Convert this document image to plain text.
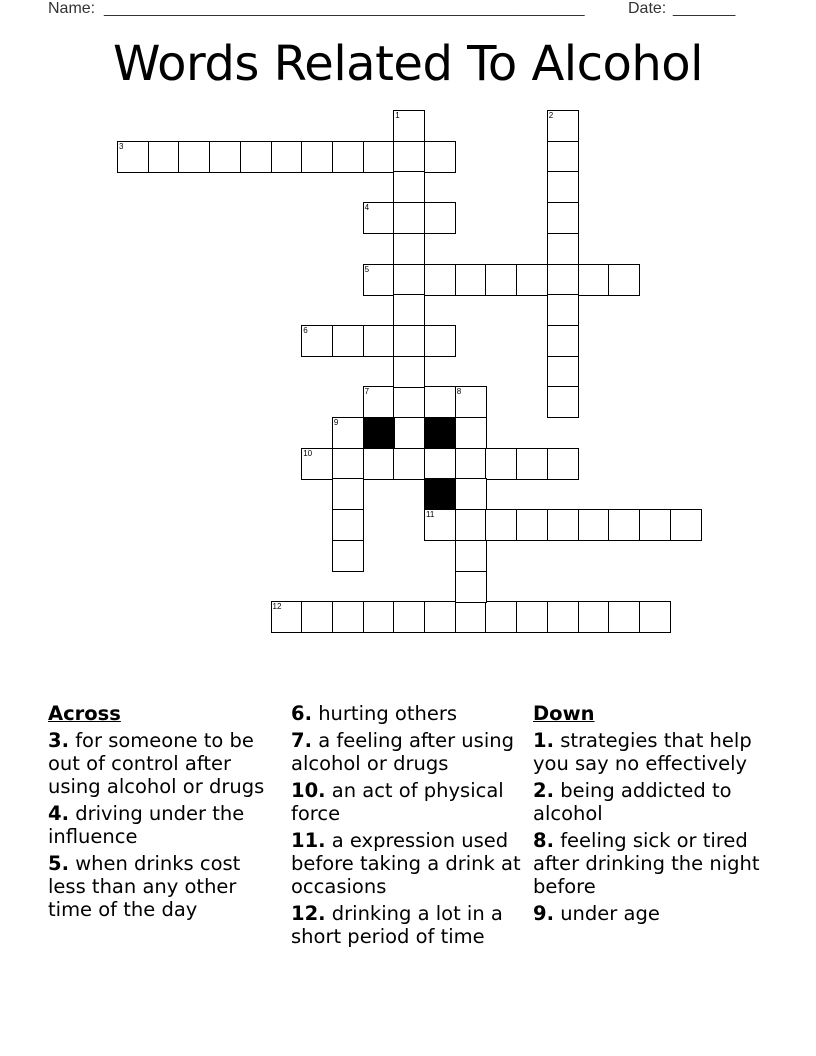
Name: ______________________________________________________	Date: _______
Words Related To Alcohol
3
4
5
6
7	8
10
11
12
1	2
9
Across
3. for someone to be out of control after using alcohol or drugs
4. driving under the influence
5. when drinks cost less than any other time of the day
6. hurting others
7. a feeling after using alcohol or drugs
10. an act of physical force
11. a expression used before taking a drink at occasions
12. drinking a lot in a short period of time
Down
1. strategies that help you say no effectively
2. being addicted to alcohol
8. feeling sick or tired after drinking the night before
9. under age
